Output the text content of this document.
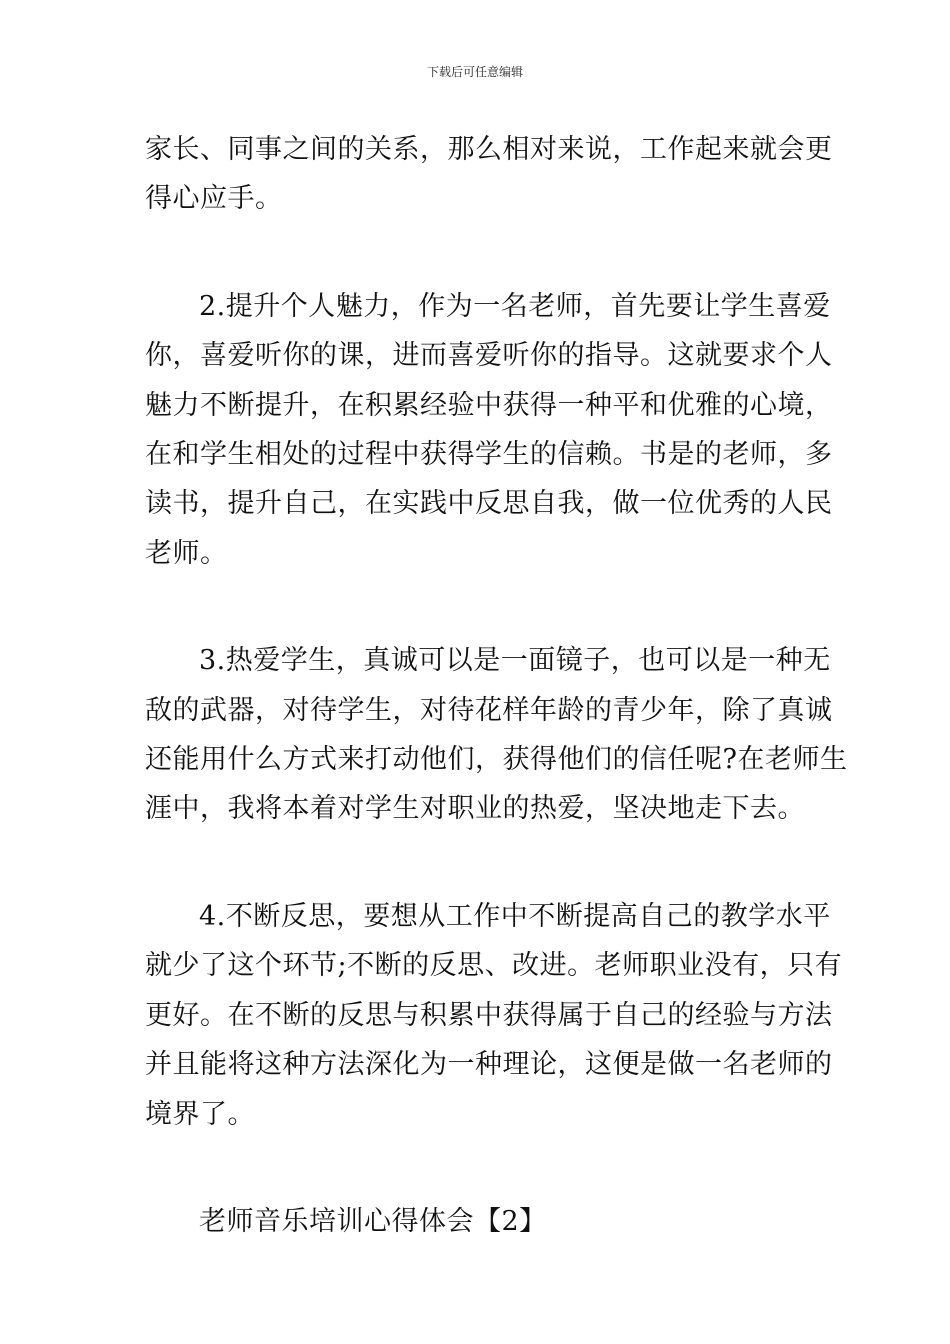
下载后可任意编辑

家长、同事之间的关系，那么相对来说，工作起来就会更
得心应手。

2.提升个人魅力，作为一名老师，首先要让学生喜爱
你，喜爱听你的课，进而喜爱听你的指导。这就要求个人
魅力不断提升，在积累经验中获得一种平和优雅的心境，
在和学生相处的过程中获得学生的信赖。书是的老师，多
读书，提升自己，在实践中反思自我，做一位优秀的人民
老师。

3.热爱学生，真诚可以是一面镜子，也可以是一种无
敌的武器，对待学生，对待花样年龄的青少年，除了真诚
还能用什么方式来打动他们，获得他们的信任呢?在老师生
涯中，我将本着对学生对职业的热爱，坚决地走下去。

4.不断反思，要想从工作中不断提高自己的教学水平
就少了这个环节;不断的反思、改进。老师职业没有，只有
更好。在不断的反思与积累中获得属于自己的经验与方法
并且能将这种方法深化为一种理论，这便是做一名老师的
境界了。

老师音乐培训心得体会【2】
